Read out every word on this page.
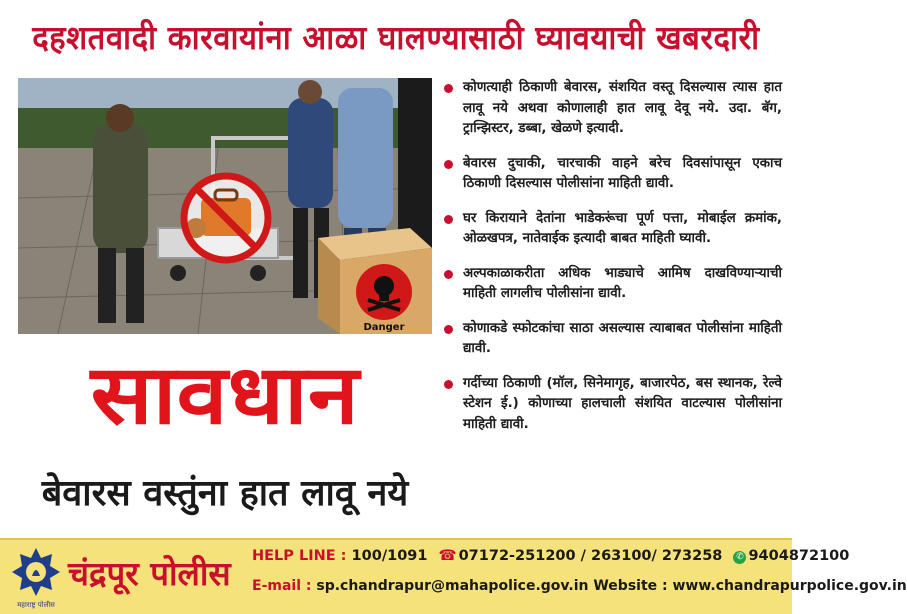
दहशतवादी कारवायांना आळा घालण्यासाठी घ्यावयाची खबरदारी
Danger
सावधान
बेवारस वस्तुंना हात लावू नये
कोणत्याही ठिकाणी बेवारस, संशयित वस्तू दिसल्यास त्यास हात लावू नये अथवा कोणालाही हात लावू देवू नये. उदा. बॅग, ट्रान्झिस्टर, डब्बा, खेळणे इत्यादी.
बेवारस दुचाकी, चारचाकी वाहने बरेच दिवसांपासून एकाच ठिकाणी दिसल्यास पोलीसांना माहिती द्यावी.
घर किरायाने देतांना भाडेकरूंचा पूर्ण पत्ता, मोबाईल क्रमांक, ओळखपत्र, नातेवाईक इत्यादी बाबत माहिती घ्यावी.
अल्पकाळाकरीता अधिक भाड्याचे आमिष दाखविण्याऱ्याची माहिती लागलीच पोलीसांना द्यावी.
कोणाकडे स्फोटकांचा साठा असल्यास त्याबाबत पोलीसांना माहिती द्यावी.
गर्दीच्या ठिकाणी (मॉल, सिनेमागृह, बाजारपेठ, बस स्थानक, रेल्वे स्टेशन ई.) कोणाच्या हालचाली संशयित वाटल्यास पोलीसांना माहिती द्यावी.
महाराष्ट्र पोलीस
चंद्रपूर पोलीस HELP LINE : 100/1091 ☎ 07172-251200 / 263100/ 273258 ✆ 9404872100
E-mail : sp.chandrapur@mahapolice.gov.in Website : www.chandrapurpolice.gov.in
